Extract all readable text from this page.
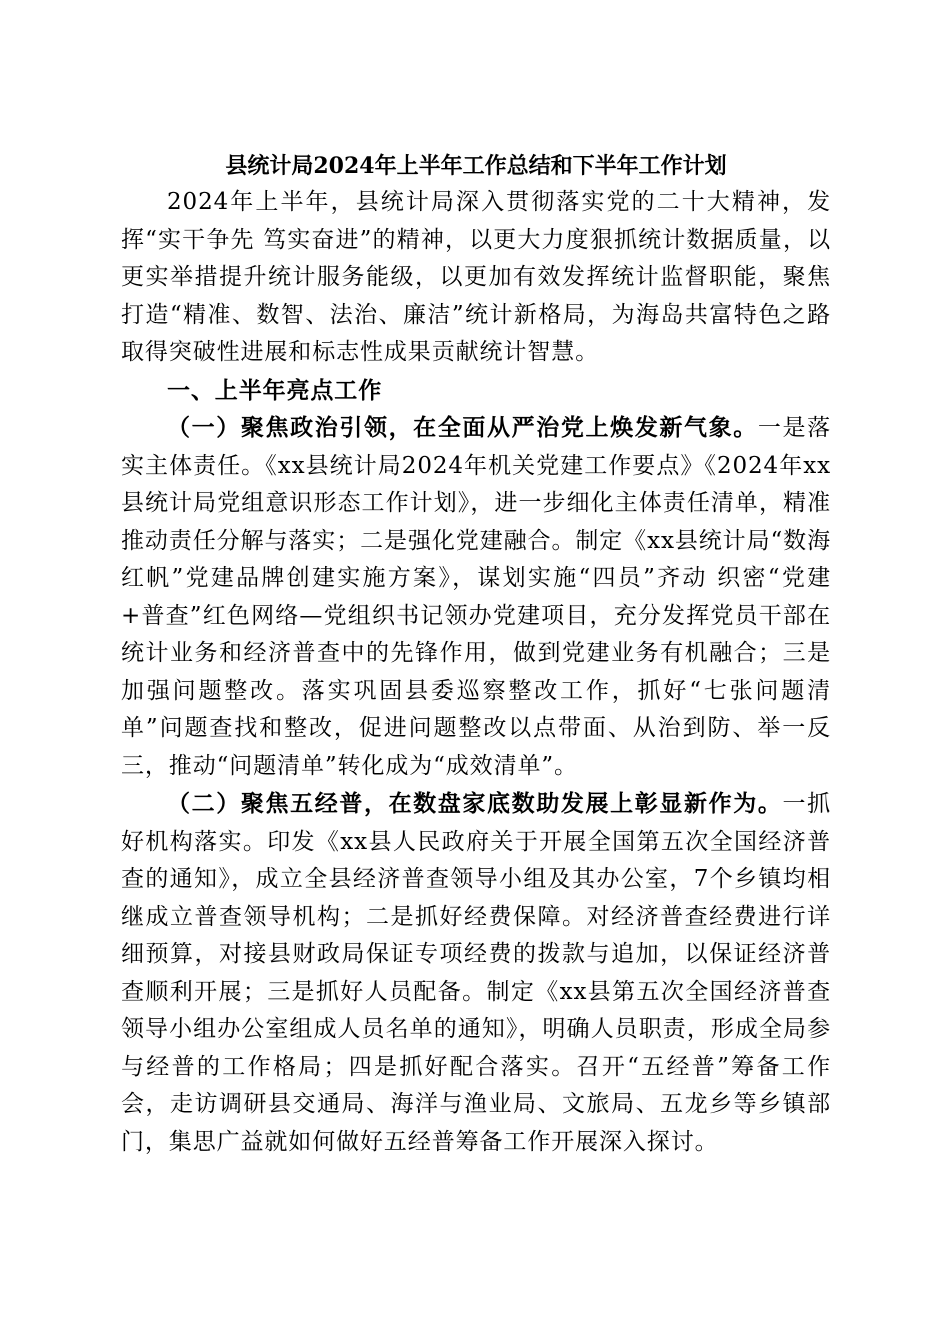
县统计局2024年上半年工作总结和下半年工作计划

2024年上半年，县统计局深入贯彻落实党的二十大精神，发挥“实干争先 笃实奋进”的精神，以更大力度狠抓统计数据质量，以更实举措提升统计服务能级，以更加有效发挥统计监督职能，聚焦打造“精准、数智、法治、廉洁”统计新格局，为海岛共富特色之路取得突破性进展和标志性成果贡献统计智慧。

一、上半年亮点工作

（一）聚焦政治引领，在全面从严治党上焕发新气象。一是落实主体责任。《xx县统计局2024年机关党建工作要点》《2024年xx县统计局党组意识形态工作计划》，进一步细化主体责任清单，精准推动责任分解与落实；二是强化党建融合。制定《xx县统计局“数海红帆”党建品牌创建实施方案》，谋划实施“四员”齐动 织密“党建+普查”红色网络—党组织书记领办党建项目，充分发挥党员干部在统计业务和经济普查中的先锋作用，做到党建业务有机融合；三是加强问题整改。落实巩固县委巡察整改工作，抓好“七张问题清单”问题查找和整改，促进问题整改以点带面、从治到防、举一反三，推动“问题清单”转化成为“成效清单”。

（二）聚焦五经普，在数盘家底数助发展上彰显新作为。一抓好机构落实。印发《xx县人民政府关于开展全国第五次全国经济普查的通知》，成立全县经济普查领导小组及其办公室，7个乡镇均相继成立普查领导机构；二是抓好经费保障。对经济普查经费进行详细预算，对接县财政局保证专项经费的拨款与追加，以保证经济普查顺利开展；三是抓好人员配备。制定《xx县第五次全国经济普查领导小组办公室组成人员名单的通知》，明确人员职责，形成全局参与经普的工作格局；四是抓好配合落实。召开“五经普”筹备工作会，走访调研县交通局、海洋与渔业局、文旅局、五龙乡等乡镇部门，集思广益就如何做好五经普筹备工作开展深入探讨。
